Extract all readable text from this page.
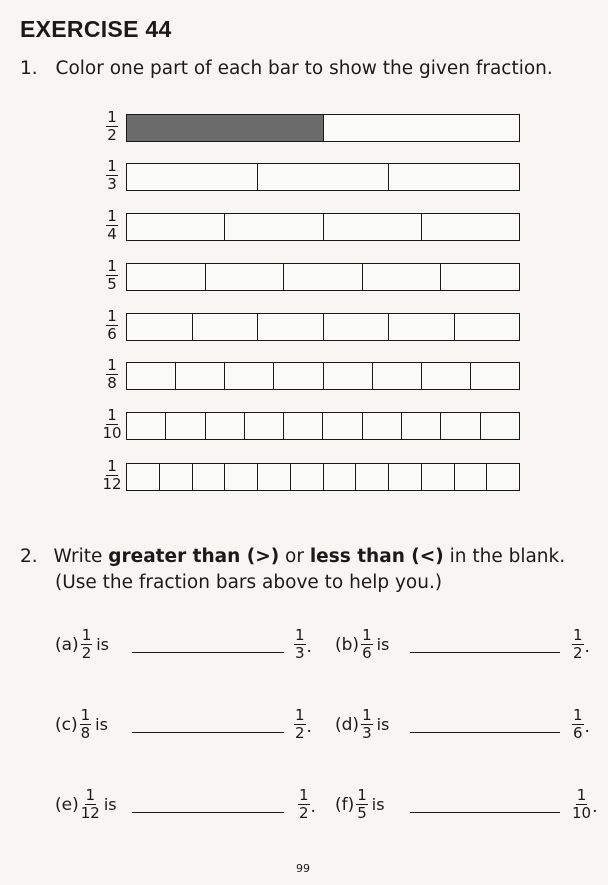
EXERCISE 44
1. Color one part of each bar to show the given fraction.
$\frac{1}{2}$
$\frac{1}{3}$
$\frac{1}{4}$
$\frac{1}{5}$
$\frac{1}{6}$
$\frac{1}{8}$
$\frac{1}{10}$
$\frac{1}{12}$
2. Write greater than (>) or less than (<) in the blank.
(Use the fraction bars above to help you.)
$(a) \frac{1}{2}$ is	$\frac{1}{3}$ . $(b) \frac{1}{6}$ is	$\frac{1}{2}$ .
$(c) \frac{1}{8}$ is	$\frac{1}{2}$ . $(d) \frac{1}{3}$ is	$\frac{1}{6}$ .
$(e) \frac{1}{12}$ is	$\frac{1}{2}$ . $(f) \frac{1}{5}$ is	$\frac{1}{10}$ .
99
